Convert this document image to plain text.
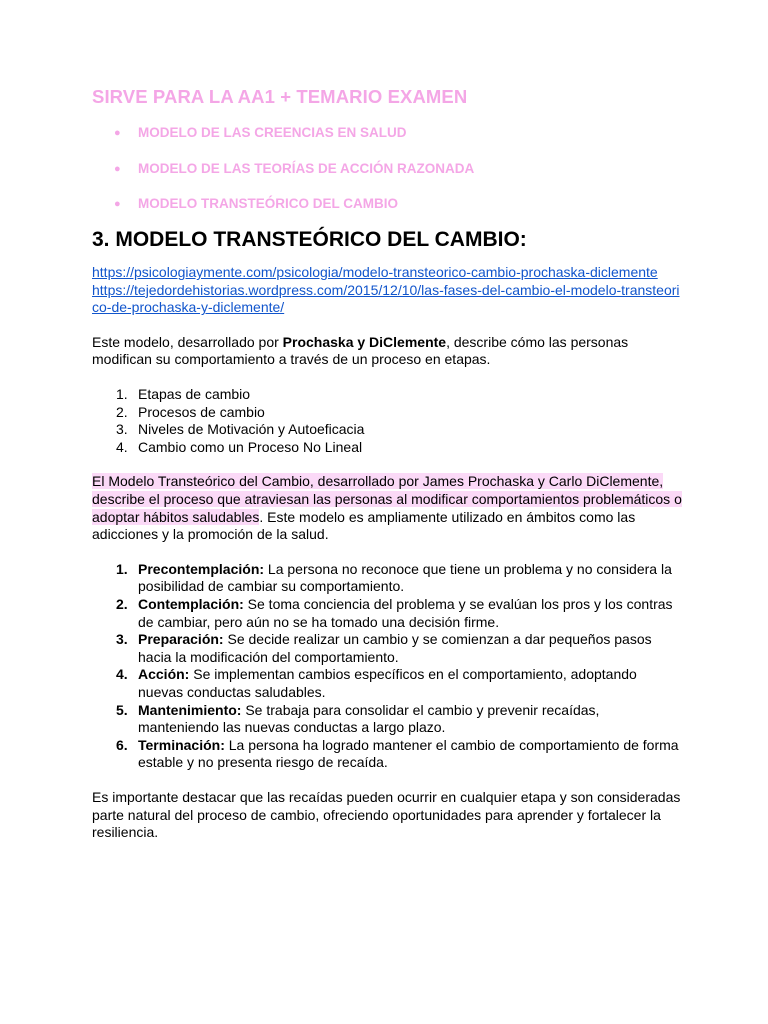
SIRVE PARA LA AA1 + TEMARIO EXAMEN
● MODELO DE LAS CREENCIAS EN SALUD
● MODELO DE LAS TEORÍAS DE ACCIÓN RAZONADA
● MODELO TRANSTEÓRICO DEL CAMBIO
3. MODELO TRANSTEÓRICO DEL CAMBIO:
https://psicologiaymente.com/psicologia/modelo-transteorico-cambio-prochaska-diclemente
https://tejedordehistorias.wordpress.com/2015/12/10/las-fases-del-cambio-el-modelo-transteorico-de-prochaska-y-diclemente/

Este modelo, desarrollado por Prochaska y DiClemente, describe cómo las personas modifican su comportamiento a través de un proceso en etapas.

1. Etapas de cambio
2. Procesos de cambio
3. Niveles de Motivación y Autoeficacia
4. Cambio como un Proceso No Lineal

El Modelo Transteórico del Cambio, desarrollado por James Prochaska y Carlo DiClemente, describe el proceso que atraviesan las personas al modificar comportamientos problemáticos o adoptar hábitos saludables. Este modelo es ampliamente utilizado en ámbitos como las adicciones y la promoción de la salud.

1. Precontemplación: La persona no reconoce que tiene un problema y no considera la posibilidad de cambiar su comportamiento.
2. Contemplación: Se toma conciencia del problema y se evalúan los pros y los contras de cambiar, pero aún no se ha tomado una decisión firme.
3. Preparación: Se decide realizar un cambio y se comienzan a dar pequeños pasos hacia la modificación del comportamiento.
4. Acción: Se implementan cambios específicos en el comportamiento, adoptando nuevas conductas saludables.
5. Mantenimiento: Se trabaja para consolidar el cambio y prevenir recaídas, manteniendo las nuevas conductas a largo plazo.
6. Terminación: La persona ha logrado mantener el cambio de comportamiento de forma estable y no presenta riesgo de recaída.

Es importante destacar que las recaídas pueden ocurrir en cualquier etapa y son consideradas parte natural del proceso de cambio, ofreciendo oportunidades para aprender y fortalecer la resiliencia.
